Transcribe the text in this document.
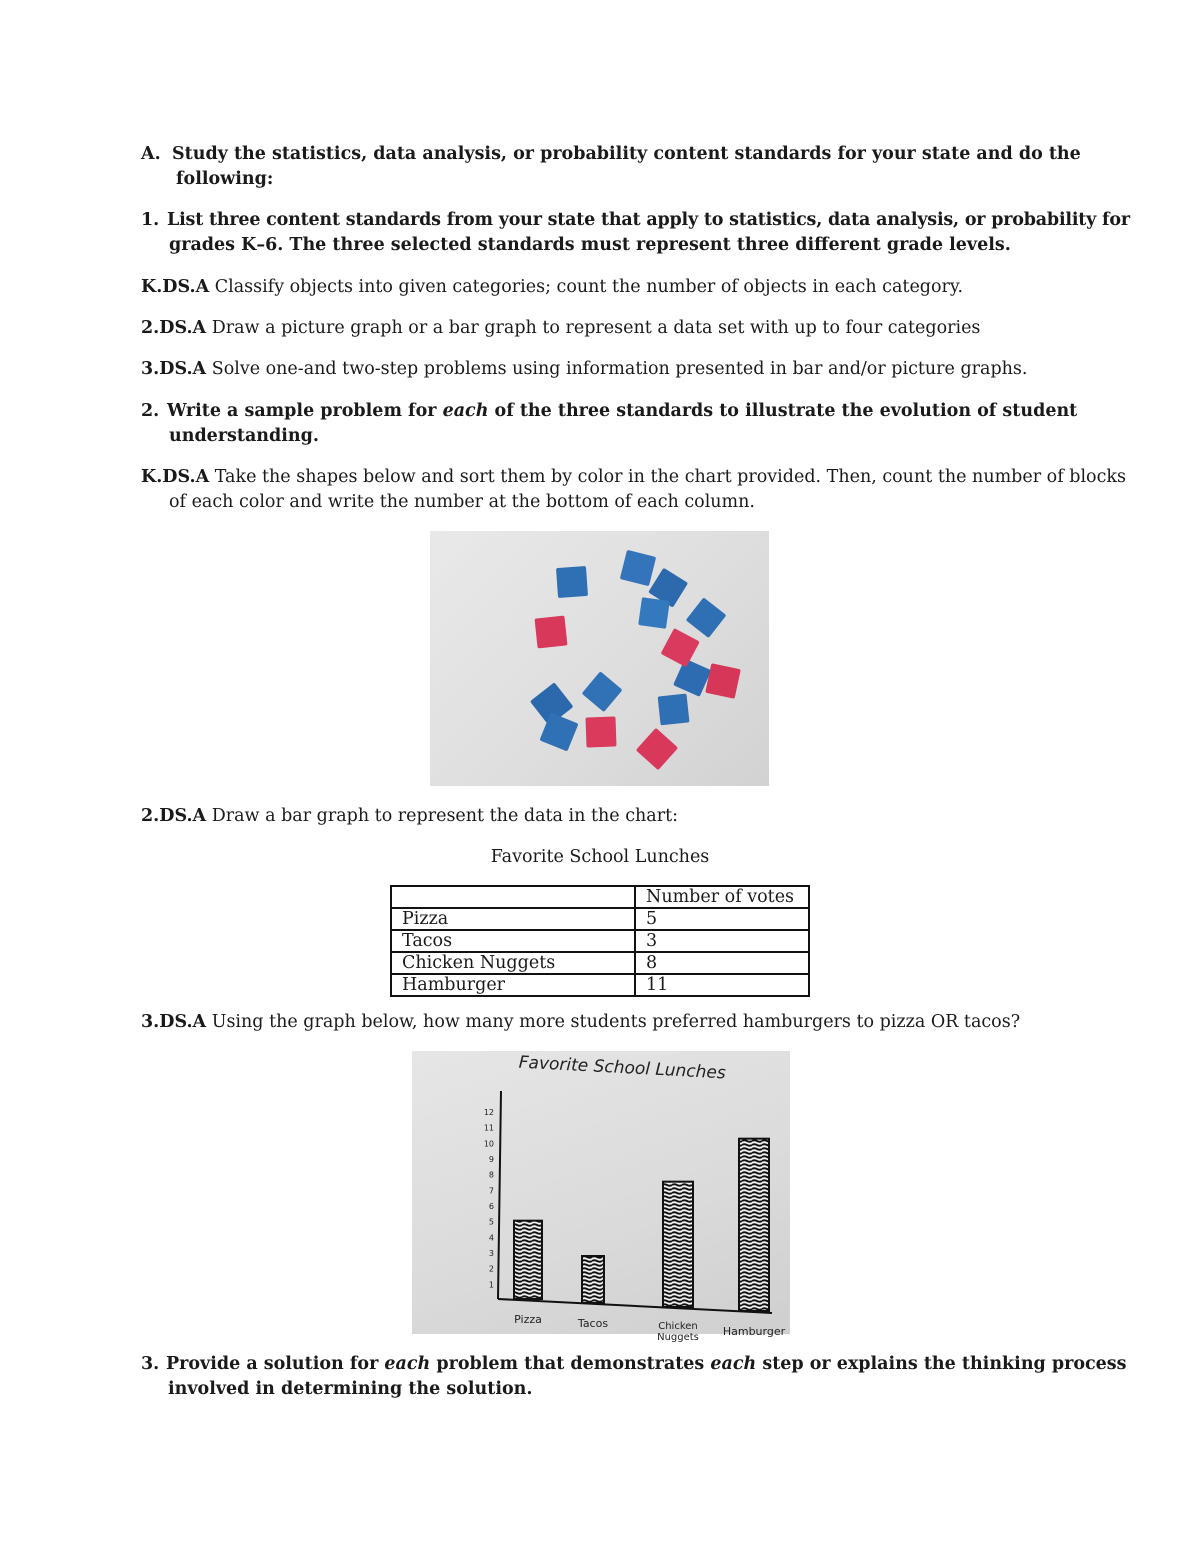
A. Study the statistics, data analysis, or probability content standards for your state and do the
following:
1. List three content standards from your state that apply to statistics, data analysis, or probability for
grades K–6. The three selected standards must represent three different grade levels.
K.DS.A Classify objects into given categories; count the number of objects in each category.
2.DS.A Draw a picture graph or a bar graph to represent a data set with up to four categories
3.DS.A Solve one-and two-step problems using information presented in bar and/or picture graphs.
2. Write a sample problem for each of the three standards to illustrate the evolution of student
understanding.
K.DS.A Take the shapes below and sort them by color in the chart provided. Then, count the number of blocks
of each color and write the number at the bottom of each column.
2.DS.A Draw a bar graph to represent the data in the chart:
Favorite School Lunches
	Number of votes
Pizza	5
Tacos	3
Chicken Nuggets	8
Hamburger	11
3.DS.A Using the graph below, how many more students preferred hamburgers to pizza OR tacos?
Favorite School Lunches
1
2
3
4
5
6
7
8
9
10
11
12
Pizza	Tacos	Chicken Nuggets Hamburger
3. Provide a solution for each problem that demonstrates each step or explains the thinking process
involved in determining the solution.
